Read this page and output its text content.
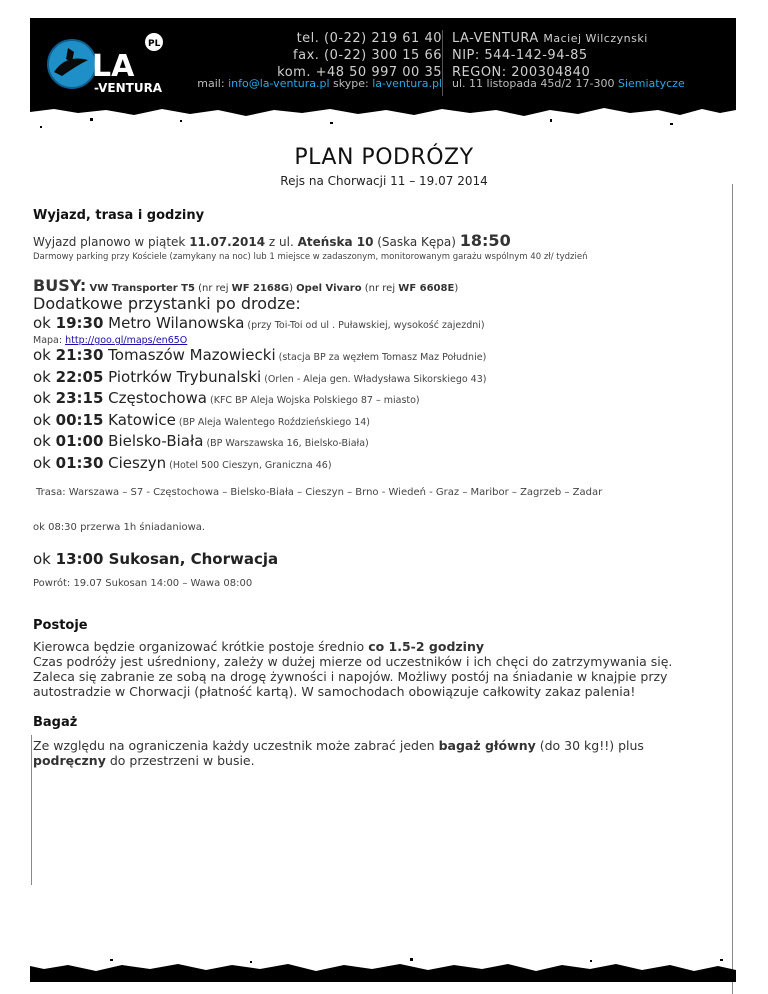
LA
-VENTURA
PL	tel. (0-22) 219 61 40
fax. (0-22) 300 15 66
kom. +48 50 997 00 35
mail: info@la-ventura.pl skype: la-ventura.pl
LA-VENTURA Maciej Wilczynski
NIP: 544-142-94-85
REGON: 200304840
ul. 11 listopada 45d/2 17-300 Siemiatycze
PLAN PODRÓZY
Rejs na Chorwacji 11 – 19.07 2014

Wyjazd, trasa i godziny

Wyjazd planowo w piątek 11.07.2014 z ul. Ateńska 10 (Saska Kępa) 18:50

Darmowy parking przy Kościele (zamykany na noc) lub 1 miejsce w zadaszonym, monitorowanym garażu wspólnym 40 zł/ tydzień
BUSY: VW Transporter T5 (nr rej WF 2168G) Opel Vivaro (nr rej WF 6608E)
Dodatkowe przystanki po drodze:
ok 19:30 Metro Wilanowska (przy Toi-Toi od ul . Puławskiej, wysokość zajezdni)
Mapa: http://goo.gl/maps/en65O
ok 21:30 Tomaszów Mazowiecki (stacja BP za węzłem Tomasz Maz Południe)
ok 22:05 Piotrków Trybunalski (Orlen - Aleja gen. Władysława Sikorskiego 43)
ok 23:15 Częstochowa (KFC BP Aleja Wojska Polskiego 87 – miasto)
ok 00:15 Katowice (BP Aleja Walentego Roździeńskiego 14)
ok 01:00 Bielsko-Biała (BP Warszawska 16, Bielsko-Biała)
ok 01:30 Cieszyn (Hotel 500 Cieszyn, Graniczna 46)
Trasa: Warszawa – S7 - Częstochowa – Bielsko-Biała – Cieszyn – Brno - Wiedeń - Graz – Maribor – Zagrzeb – Zadar
ok 08:30 przerwa 1h śniadaniowa.
ok 13:00 Sukosan, Chorwacja
Powrót: 19.07 Sukosan 14:00 – Wawa 08:00

Postoje

Kierowca będzie organizować krótkie postoje średnio co 1.5-2 godziny

Czas podróży jest uśredniony, zależy w dużej mierze od uczestników i ich chęci do zatrzymywania się.

Zaleca się zabranie ze sobą na drogę żywności i napojów. Możliwy postój na śniadanie w knajpie przy

autostradzie w Chorwacji (płatność kartą). W samochodach obowiązuje całkowity zakaz palenia!

Bagaż

Ze względu na ograniczenia każdy uczestnik może zabrać jeden bagaż główny (do 30 kg!!) plus

podręczny do przestrzeni w busie.
